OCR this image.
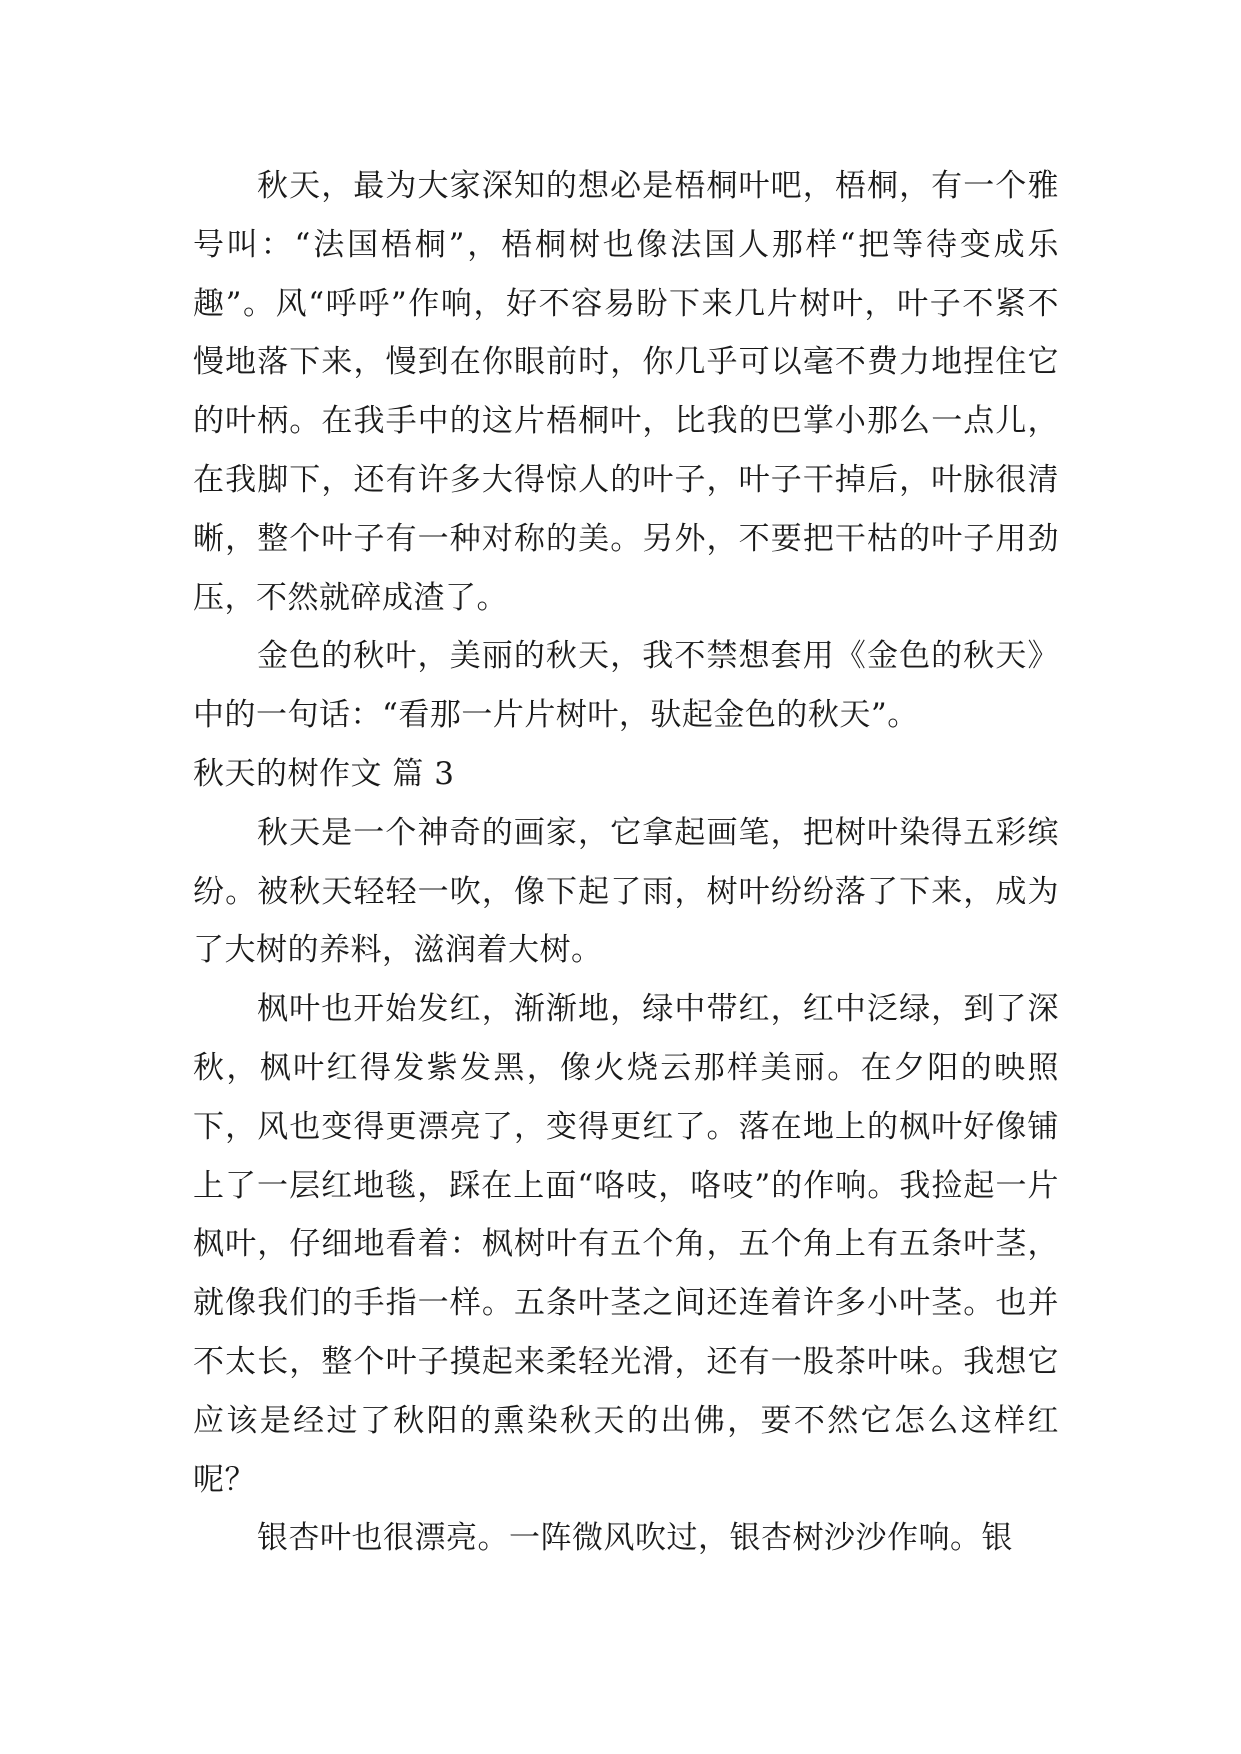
秋天，最为大家深知的想必是梧桐叶吧，梧桐，有一个雅号叫：“法国梧桐”，梧桐树也像法国人那样“把等待变成乐趣”。风“呼呼”作响，好不容易盼下来几片树叶，叶子不紧不慢地落下来，慢到在你眼前时，你几乎可以毫不费力地捏住它的叶柄。在我手中的这片梧桐叶，比我的巴掌小那么一点儿，在我脚下，还有许多大得惊人的叶子，叶子干掉后，叶脉很清晰，整个叶子有一种对称的美。另外，不要把干枯的叶子用劲压，不然就碎成渣了。

金色的秋叶，美丽的秋天，我不禁想套用《金色的秋天》中的一句话：“看那一片片树叶，驮起金色的秋天”。

秋天的树作文 篇 3

秋天是一个神奇的画家，它拿起画笔，把树叶染得五彩缤纷。被秋天轻轻一吹，像下起了雨，树叶纷纷落了下来，成为了大树的养料，滋润着大树。

枫叶也开始发红，渐渐地，绿中带红，红中泛绿，到了深秋，枫叶红得发紫发黑，像火烧云那样美丽。在夕阳的映照下，风也变得更漂亮了，变得更红了。落在地上的枫叶好像铺上了一层红地毯，踩在上面“咯吱，咯吱”的作响。我捡起一片枫叶，仔细地看着：枫树叶有五个角，五个角上有五条叶茎，就像我们的手指一样。五条叶茎之间还连着许多小叶茎。也并不太长，整个叶子摸起来柔轻光滑，还有一股茶叶味。我想它应该是经过了秋阳的熏染秋天的出佛，要不然它怎么这样红呢？

银杏叶也很漂亮。一阵微风吹过，银杏树沙沙作响。银
